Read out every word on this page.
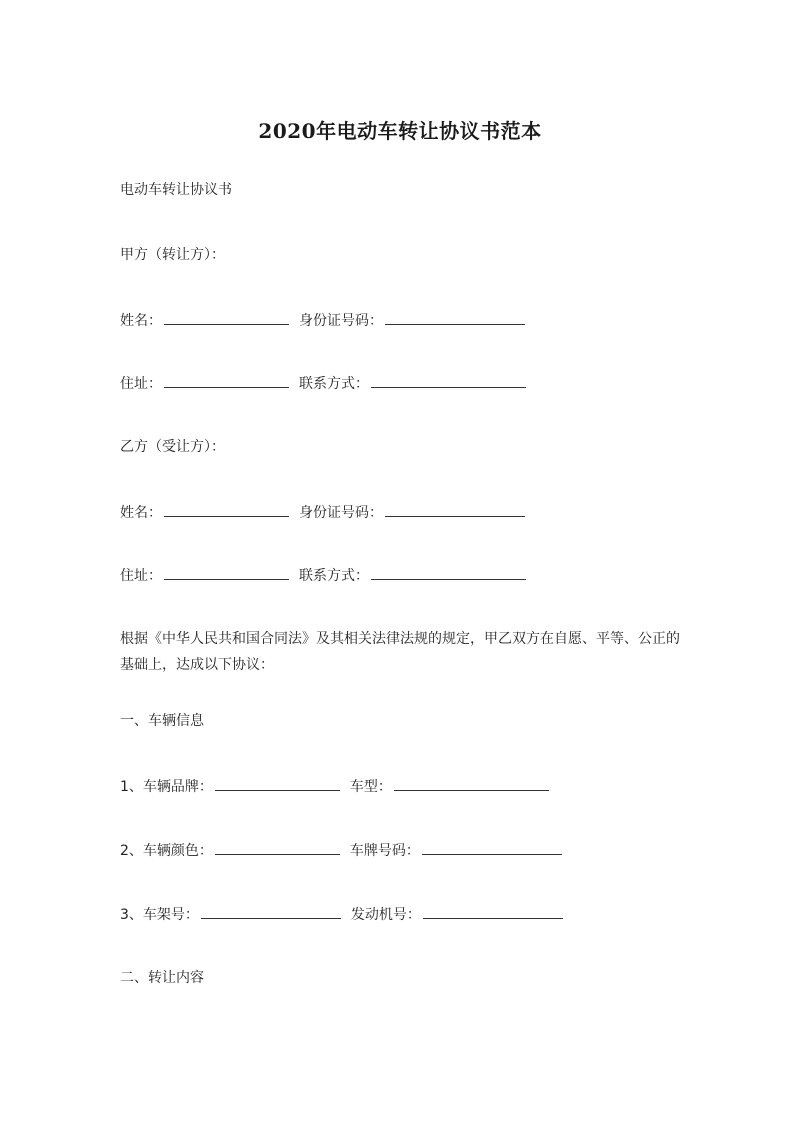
2020年电动车转让协议书范本
电动车转让协议书
甲方（转让方）：
姓名：	身份证号码：
住址：	联系方式：
乙方（受让方）：
姓名：	身份证号码：
住址：	联系方式：
根据《中华人民共和国合同法》及其相关法律法规的规定，甲乙双方在自愿、平等、公正的基础上，达成以下协议：
一、车辆信息
1、车辆品牌：	车型：
2、车辆颜色：	车牌号码：
3、车架号：	发动机号：
二、转让内容
